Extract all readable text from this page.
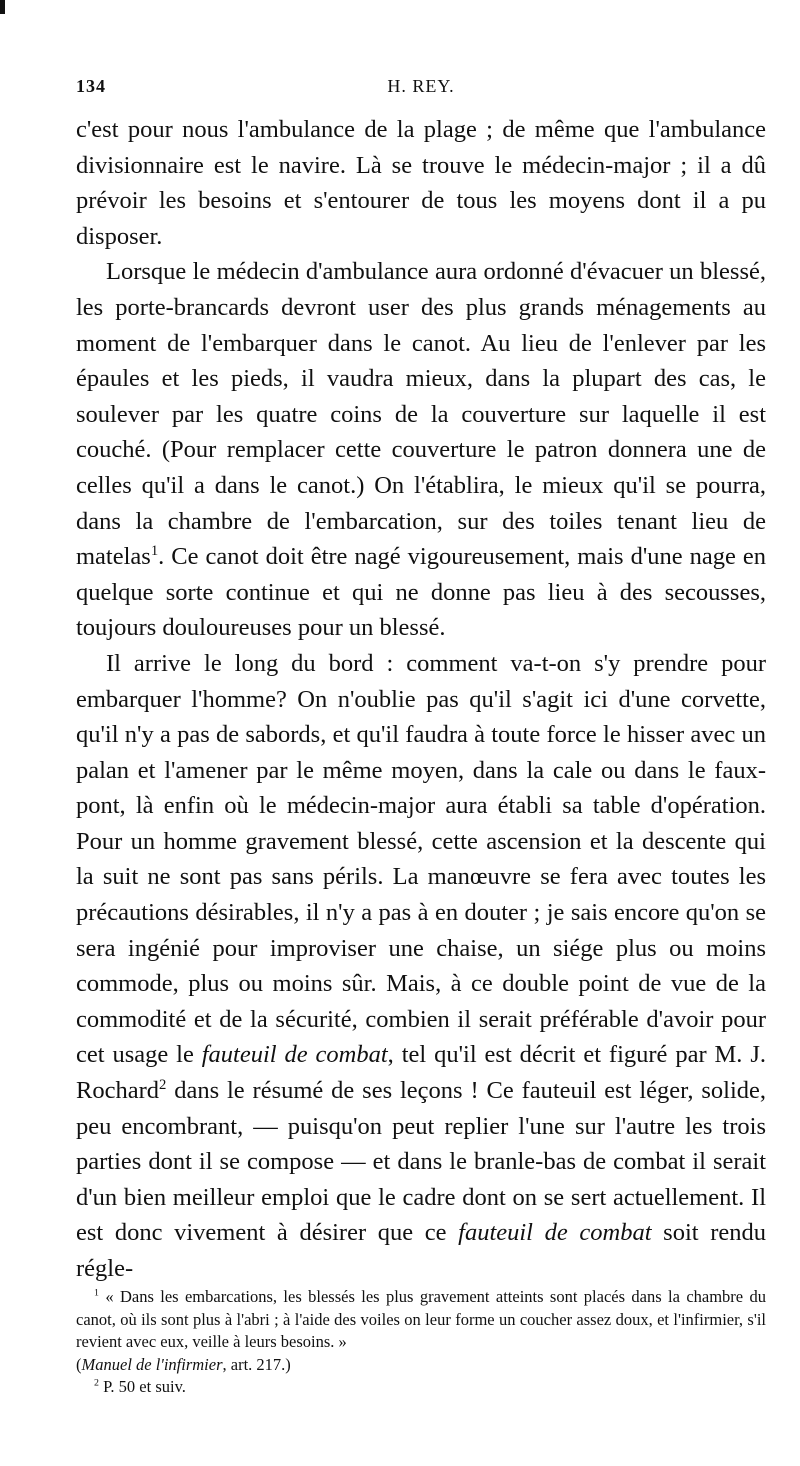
134	H. REY.

c'est pour nous l'ambulance de la plage ; de même que l'ambulance divisionnaire est le navire. Là se trouve le médecin-major ; il a dû prévoir les besoins et s'entourer de tous les moyens dont il a pu disposer.

Lorsque le médecin d'ambulance aura ordonné d'évacuer un blessé, les porte-brancards devront user des plus grands ménagements au moment de l'embarquer dans le canot. Au lieu de l'enlever par les épaules et les pieds, il vaudra mieux, dans la plupart des cas, le soulever par les quatre coins de la couverture sur laquelle il est couché. (Pour remplacer cette couverture le patron donnera une de celles qu'il a dans le canot.) On l'établira, le mieux qu'il se pourra, dans la chambre de l'embarcation, sur des toiles tenant lieu de matelas$^1$. Ce canot doit être nagé vigoureusement, mais d'une nage en quelque sorte continue et qui ne donne pas lieu à des secousses, toujours douloureuses pour un blessé.

Il arrive le long du bord : comment va-t-on s'y prendre pour embarquer l'homme? On n'oublie pas qu'il s'agit ici d'une corvette, qu'il n'y a pas de sabords, et qu'il faudra à toute force le hisser avec un palan et l'amener par le même moyen, dans la cale ou dans le faux-pont, là enfin où le médecin-major aura établi sa table d'opération. Pour un homme gravement blessé, cette ascension et la descente qui la suit ne sont pas sans périls. La manœuvre se fera avec toutes les précautions désirables, il n'y a pas à en douter ; je sais encore qu'on se sera ingénié pour improviser une chaise, un siége plus ou moins commode, plus ou moins sûr. Mais, à ce double point de vue de la commodité et de la sécurité, combien il serait préférable d'avoir pour cet usage le fauteuil de combat, tel qu'il est décrit et figuré par M. J. Rochard$^2$ dans le résumé de ses leçons ! Ce fauteuil est léger, solide, peu encombrant, — puisqu'on peut replier l'une sur l'autre les trois parties dont il se compose — et dans le branle-bas de combat il serait d'un bien meilleur emploi que le cadre dont on se sert actuellement. Il est donc vivement à désirer que ce fauteuil de combat soit rendu régle-

$^1$ « Dans les embarcations, les blessés les plus gravement atteints sont placés dans la chambre du canot, où ils sont plus à l'abri ; à l'aide des voiles on leur forme un coucher assez doux, et l'infirmier, s'il revient avec eux, veille à leurs besoins. »

(Manuel de l'infirmier, art. 217.)

$^2$ P. 50 et suiv.
